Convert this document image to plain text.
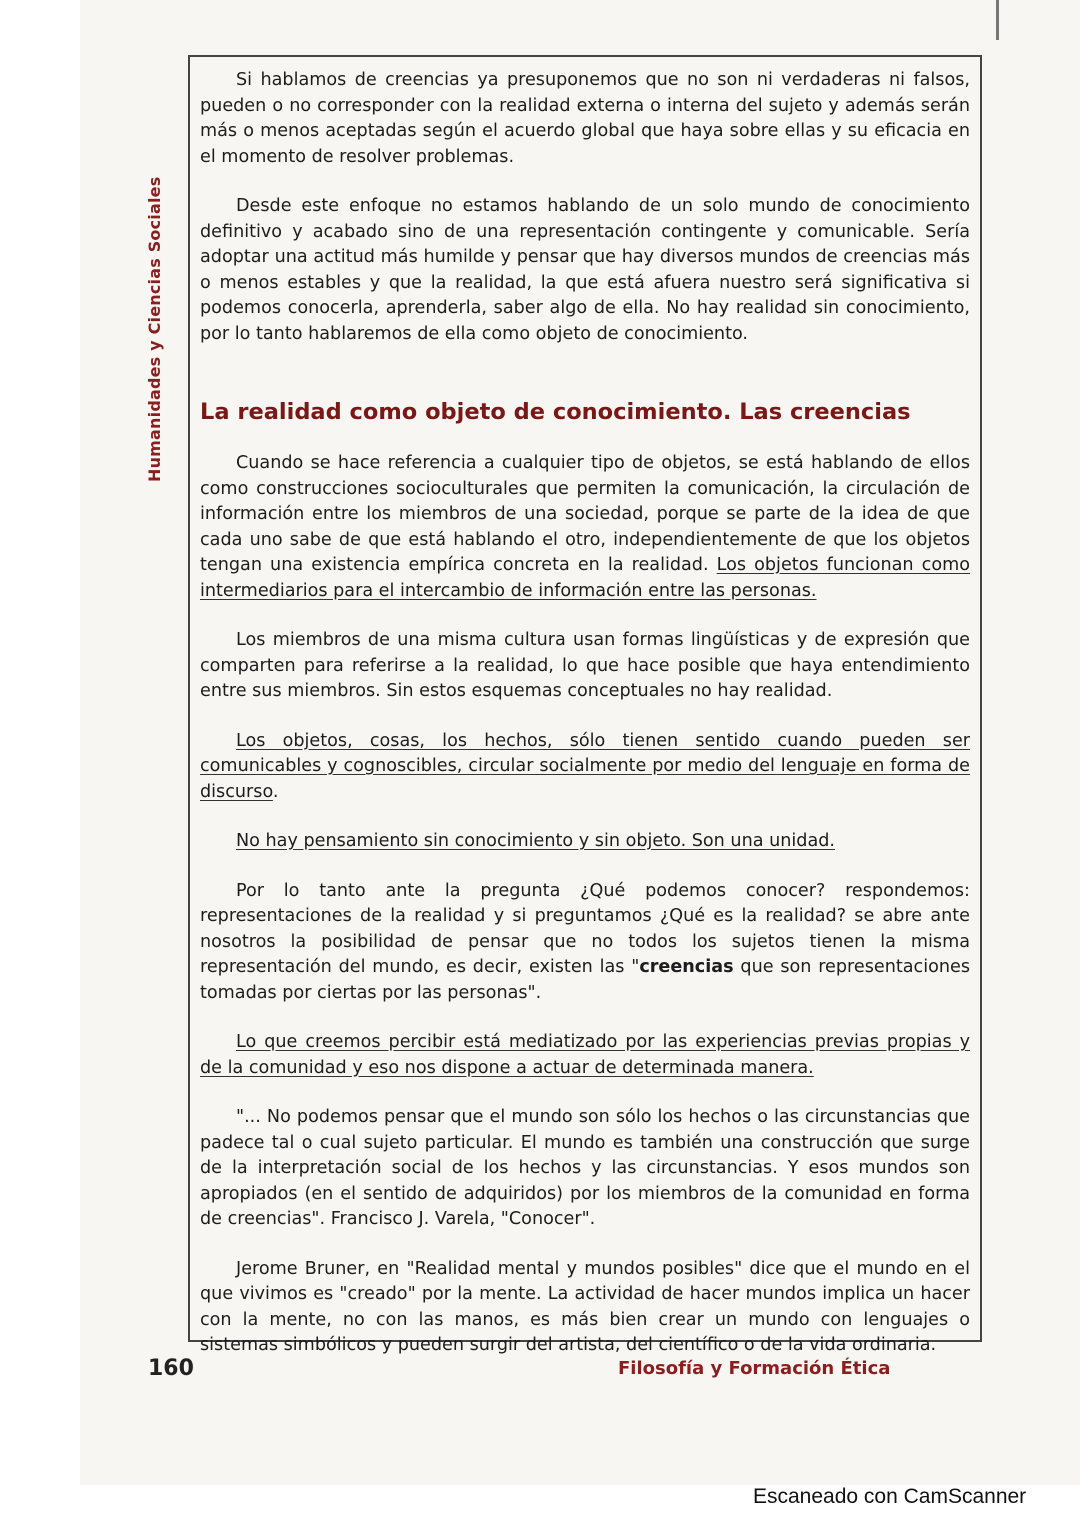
Humanidades y Ciencias Sociales

Si hablamos de creencias ya presuponemos que no son ni verdaderas ni falsos, pueden o no corresponder con la realidad externa o interna del sujeto y además serán más o menos aceptadas según el acuerdo global que haya sobre ellas y su eficacia en el momento de resolver problemas.

Desde este enfoque no estamos hablando de un solo mundo de conocimiento definitivo y acabado sino de una representación contingente y comunicable. Sería adoptar una actitud más humilde y pensar que hay diversos mundos de creencias más o menos estables y que la realidad, la que está afuera nuestro será significativa si podemos conocerla, aprenderla, saber algo de ella. No hay realidad sin conocimiento, por lo tanto hablaremos de ella como objeto de conocimiento.

La realidad como objeto de conocimiento. Las creencias

Cuando se hace referencia a cualquier tipo de objetos, se está hablando de ellos como construcciones socioculturales que permiten la comunicación, la circulación de información entre los miembros de una sociedad, porque se parte de la idea de que cada uno sabe de que está hablando el otro, independientemente de que los objetos tengan una existencia empírica concreta en la realidad. Los objetos funcionan como intermediarios para el intercambio de información entre las personas.

Los miembros de una misma cultura usan formas lingüísticas y de expresión que comparten para referirse a la realidad, lo que hace posible que haya entendimiento entre sus miembros. Sin estos esquemas conceptuales no hay realidad.

Los objetos, cosas, los hechos, sólo tienen sentido cuando pueden ser comunicables y cognoscibles, circular socialmente por medio del lenguaje en forma de discurso.

No hay pensamiento sin conocimiento y sin objeto. Son una unidad.

Por lo tanto ante la pregunta ¿Qué podemos conocer? respondemos: representaciones de la realidad y si preguntamos ¿Qué es la realidad? se abre ante nosotros la posibilidad de pensar que no todos los sujetos tienen la misma representación del mundo, es decir, existen las "creencias que son representaciones tomadas por ciertas por las personas".

Lo que creemos percibir está mediatizado por las experiencias previas propias y de la comunidad y eso nos dispone a actuar de determinada manera.

"... No podemos pensar que el mundo son sólo los hechos o las circunstancias que padece tal o cual sujeto particular. El mundo es también una construcción que surge de la interpretación social de los hechos y las circunstancias. Y esos mundos son apropiados (en el sentido de adquiridos) por los miembros de la comunidad en forma de creencias". Francisco J. Varela, "Conocer".

Jerome Bruner, en "Realidad mental y mundos posibles" dice que el mundo en el que vivimos es "creado" por la mente. La actividad de hacer mundos implica un hacer con la mente, no con las manos, es más bien crear un mundo con lenguajes o sistemas simbólicos y pueden surgir del artista, del científico o de la vida ordinaria.

160	Filosofía y Formación Ética
Escaneado con CamScanner
